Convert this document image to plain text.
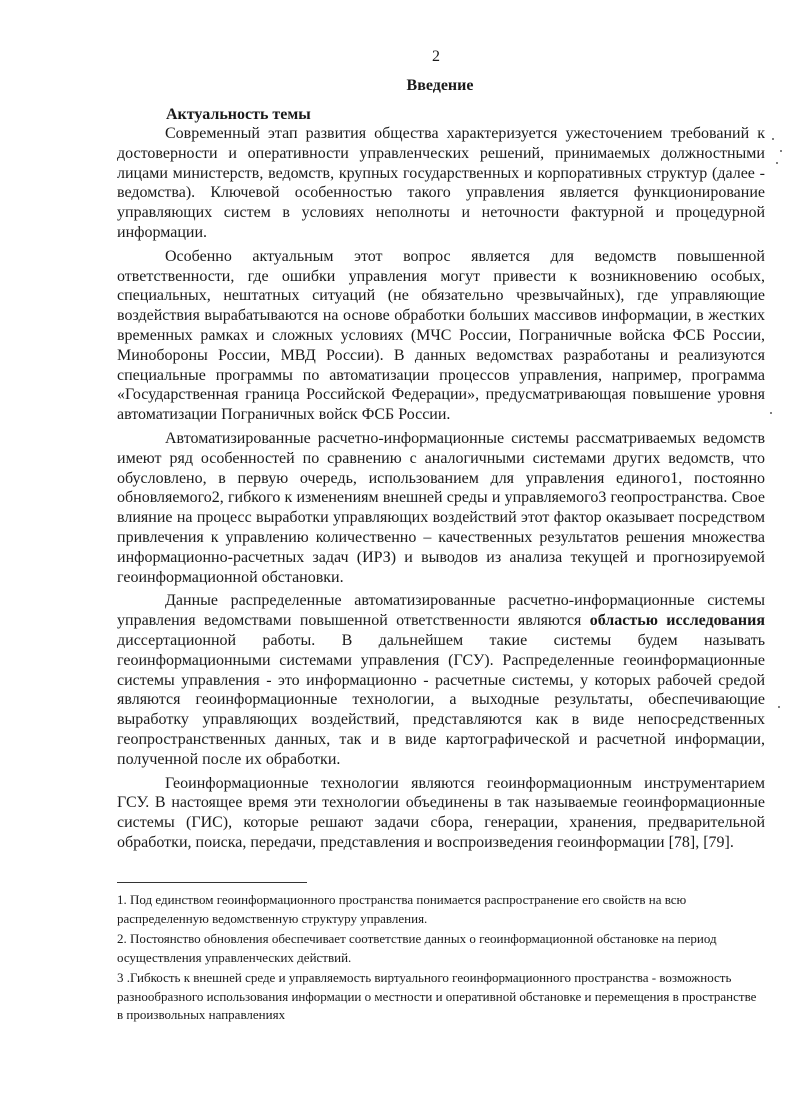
2
Введение
Актуальность темы

Современный этап развития общества характеризуется ужесточением требований к достоверности и оперативности управленческих решений, принимаемых должностными лицами министерств, ведомств, крупных государственных и корпоративных структур (далее - ведомства). Ключевой особенностью такого управления является функционирование управляющих систем в условиях неполноты и неточности фактурной и процедурной информации.

Особенно актуальным этот вопрос является для ведомств повышенной ответственности, где ошибки управления могут привести к возникновению особых, специальных, нештатных ситуаций (не обязательно чрезвычайных), где управляющие воздействия вырабатываются на основе обработки больших массивов информации, в жестких временных рамках и сложных условиях (МЧС России, Пограничные войска ФСБ России, Минобороны России, МВД России). В данных ведомствах разработаны и реализуются специальные программы по автоматизации процессов управления, например, программа «Государственная граница Российской Федерации», предусматривающая повышение уровня автоматизации Пограничных войск ФСБ России.

Автоматизированные расчетно-информационные системы рассматриваемых ведомств имеют ряд особенностей по сравнению с аналогичными системами других ведомств, что обусловлено, в первую очередь, использованием для управления единого1, постоянно обновляемого2, гибкого к изменениям внешней среды и управляемого3 геопространства. Свое влияние на процесс выработки управляющих воздействий этот фактор оказывает посредством привлечения к управлению количественно – качественных результатов решения множества информационно-расчетных задач (ИРЗ) и выводов из анализа текущей и прогнозируемой геоинформационной обстановки.

Данные распределенные автоматизированные расчетно-информационные системы управления ведомствами повышенной ответственности являются областью исследования диссертационной работы. В дальнейшем такие системы будем называть геоинформационными системами управления (ГСУ). Распределенные геоинформационные системы управления - это информационно - расчетные системы, у которых рабочей средой являются геоинформационные технологии, а выходные результаты, обеспечивающие выработку управляющих воздействий, представляются как в виде непосредственных геопространственных данных, так и в виде картографической и расчетной информации, полученной после их обработки.

Геоинформационные технологии являются геоинформационным инструментарием ГСУ. В настоящее время эти технологии объединены в так называемые геоинформационные системы (ГИС), которые решают задачи сбора, генерации, хранения, предварительной обработки, поиска, передачи, представления и воспроизведения геоинформации [78], [79].

1. Под единством геоинформационного пространства понимается распространение его свойств на всю распределенную ведомственную структуру управления.

2. Постоянство обновления обеспечивает соответствие данных о геоинформационной обстановке на период осуществления управленческих действий.

3 .Гибкость к внешней среде и управляемость виртуального геоинформационного пространства - возможность разнообразного использования информации о местности и оперативной обстановке и перемещения в пространстве в произвольных направлениях
